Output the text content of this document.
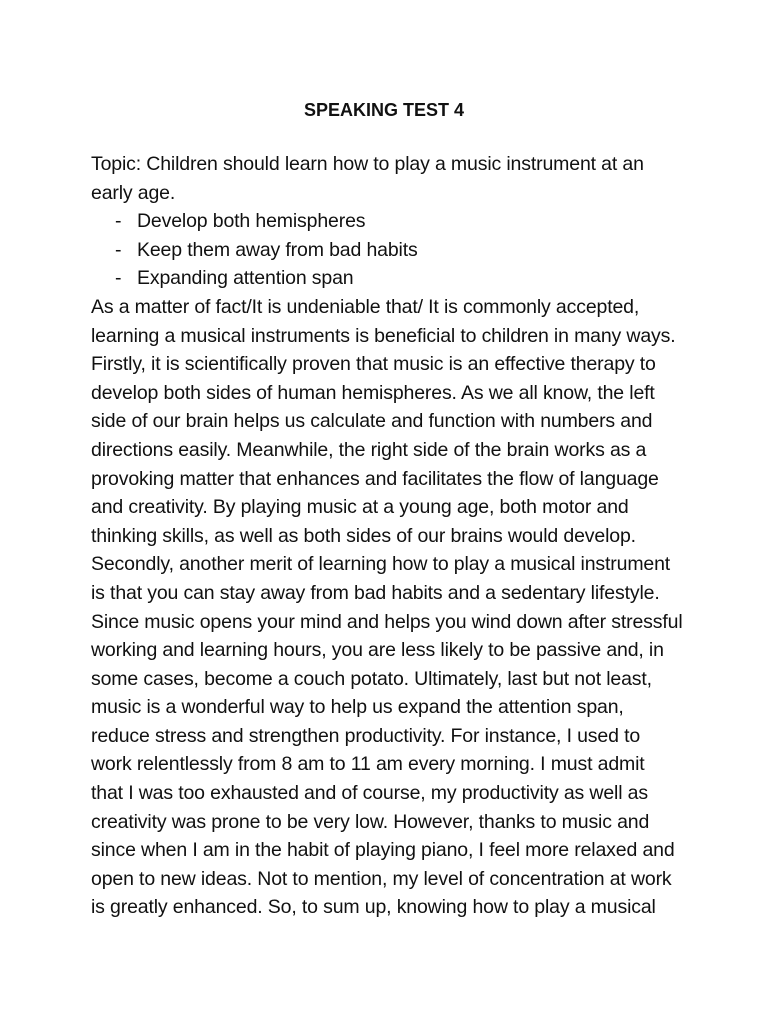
SPEAKING TEST 4

Topic: Children should learn how to play a music instrument at an
early age.

- Develop both hemispheres
- Keep them away from bad habits
- Expanding attention span

As a matter of fact/It is undeniable that/ It is commonly accepted,
learning a musical instruments is beneficial to children in many ways.
Firstly, it is scientifically proven that music is an effective therapy to
develop both sides of human hemispheres. As we all know, the left
side of our brain helps us calculate and function with numbers and
directions easily. Meanwhile, the right side of the brain works as a
provoking matter that enhances and facilitates the flow of language
and creativity. By playing music at a young age, both motor and
thinking skills, as well as both sides of our brains would develop.
Secondly, another merit of learning how to play a musical instrument
is that you can stay away from bad habits and a sedentary lifestyle.
Since music opens your mind and helps you wind down after stressful
working and learning hours, you are less likely to be passive and, in
some cases, become a couch potato. Ultimately, last but not least,
music is a wonderful way to help us expand the attention span,
reduce stress and strengthen productivity. For instance, I used to
work relentlessly from 8 am to 11 am every morning. I must admit
that I was too exhausted and of course, my productivity as well as
creativity was prone to be very low. However, thanks to music and
since when I am in the habit of playing piano, I feel more relaxed and
open to new ideas. Not to mention, my level of concentration at work
is greatly enhanced. So, to sum up, knowing how to play a musical
